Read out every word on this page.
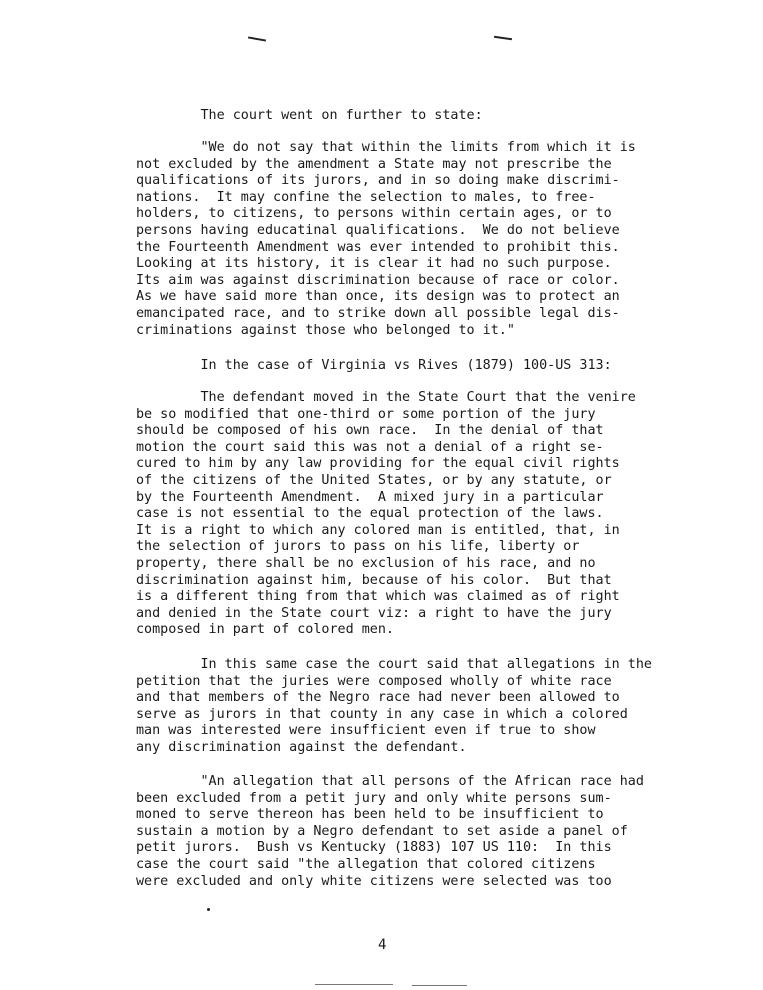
The court went on further to state:

"We do not say that within the limits from which it is
not excluded by the amendment a State may not prescribe the
qualifications of its jurors, and in so doing make discrimi-
nations.  It may confine the selection to males, to free-
holders, to citizens, to persons within certain ages, or to
persons having educatinal qualifications.  We do not believe
the Fourteenth Amendment was ever intended to prohibit this.
Looking at its history, it is clear it had no such purpose.
Its aim was against discrimination because of race or color.
As we have said more than once, its design was to protect an
emancipated race, and to strike down all possible legal dis-
criminations against those who belonged to it."

In the case of Virginia vs Rives (1879) 100-US 313:

The defendant moved in the State Court that the venire
be so modified that one-third or some portion of the jury
should be composed of his own race.  In the denial of that
motion the court said this was not a denial of a right se-
cured to him by any law providing for the equal civil rights
of the citizens of the United States, or by any statute, or
by the Fourteenth Amendment.  A mixed jury in a particular
case is not essential to the equal protection of the laws.
It is a right to which any colored man is entitled, that, in
the selection of jurors to pass on his life, liberty or
property, there shall be no exclusion of his race, and no
discrimination against him, because of his color.  But that
is a different thing from that which was claimed as of right
and denied in the State court viz: a right to have the jury
composed in part of colored men.

In this same case the court said that allegations in the
petition that the juries were composed wholly of white race
and that members of the Negro race had never been allowed to
serve as jurors in that county in any case in which a colored
man was interested were insufficient even if true to show
any discrimination against the defendant.

"An allegation that all persons of the African race had
been excluded from a petit jury and only white persons sum-
moned to serve thereon has been held to be insufficient to
sustain a motion by a Negro defendant to set aside a panel of
petit jurors.  Bush vs Kentucky (1883) 107 US 110:  In this
case the court said "the allegation that colored citizens
were excluded and only white citizens were selected was too

4
